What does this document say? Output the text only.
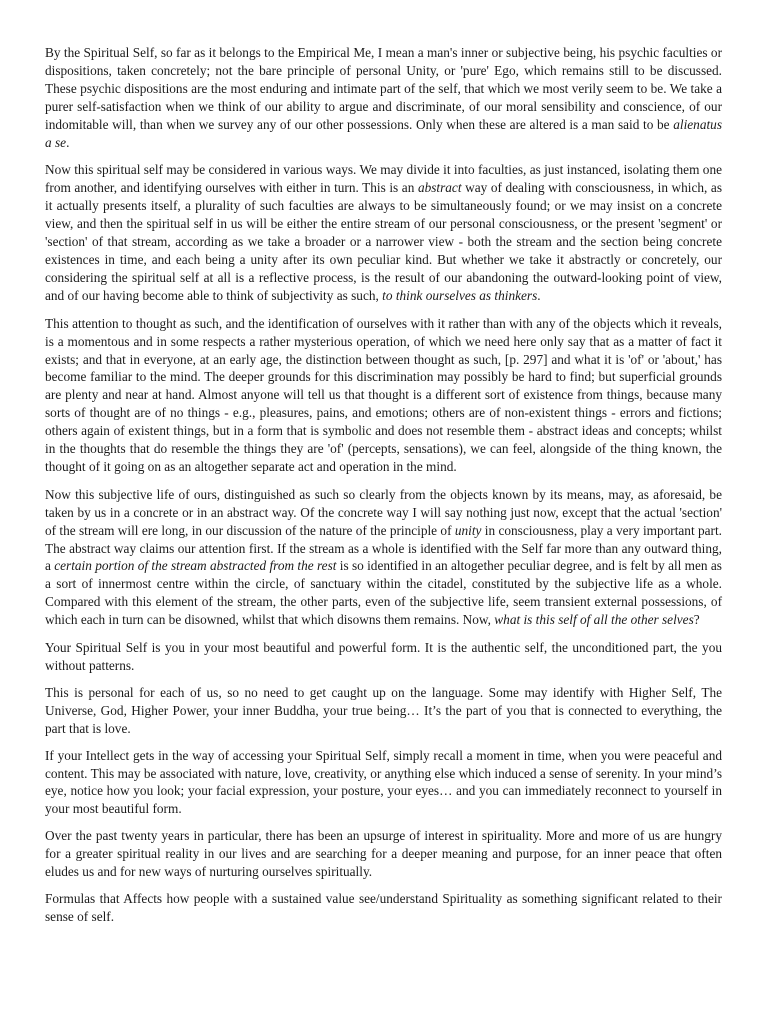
By the Spiritual Self, so far as it belongs to the Empirical Me, I mean a man's inner or subjective being, his psychic faculties or dispositions, taken concretely; not the bare principle of personal Unity, or 'pure' Ego, which remains still to be discussed. These psychic dispositions are the most enduring and intimate part of the self, that which we most verily seem to be. We take a purer self-satisfaction when we think of our ability to argue and discriminate, of our moral sensibility and conscience, of our indomitable will, than when we survey any of our other possessions. Only when these are altered is a man said to be alienatus a se.

Now this spiritual self may be considered in various ways. We may divide it into faculties, as just instanced, isolating them one from another, and identifying ourselves with either in turn. This is an abstract way of dealing with consciousness, in which, as it actually presents itself, a plurality of such faculties are always to be simultaneously found; or we may insist on a concrete view, and then the spiritual self in us will be either the entire stream of our personal consciousness, or the present 'segment' or 'section' of that stream, according as we take a broader or a narrower view - both the stream and the section being concrete existences in time, and each being a unity after its own peculiar kind. But whether we take it abstractly or concretely, our considering the spiritual self at all is a reflective process, is the result of our abandoning the outward-looking point of view, and of our having become able to think of subjectivity as such, to think ourselves as thinkers.

This attention to thought as such, and the identification of ourselves with it rather than with any of the objects which it reveals, is a momentous and in some respects a rather mysterious operation, of which we need here only say that as a matter of fact it exists; and that in everyone, at an early age, the distinction between thought as such, [p. 297] and what it is 'of' or 'about,' has become familiar to the mind. The deeper grounds for this discrimination may possibly be hard to find; but superficial grounds are plenty and near at hand. Almost anyone will tell us that thought is a different sort of existence from things, because many sorts of thought are of no things - e.g., pleasures, pains, and emotions; others are of non-existent things - errors and fictions; others again of existent things, but in a form that is symbolic and does not resemble them - abstract ideas and concepts; whilst in the thoughts that do resemble the things they are 'of' (percepts, sensations), we can feel, alongside of the thing known, the thought of it going on as an altogether separate act and operation in the mind.

Now this subjective life of ours, distinguished as such so clearly from the objects known by its means, may, as aforesaid, be taken by us in a concrete or in an abstract way. Of the concrete way I will say nothing just now, except that the actual 'section' of the stream will ere long, in our discussion of the nature of the principle of unity in consciousness, play a very important part. The abstract way claims our attention first. If the stream as a whole is identified with the Self far more than any outward thing, a certain portion of the stream abstracted from the rest is so identified in an altogether peculiar degree, and is felt by all men as a sort of innermost centre within the circle, of sanctuary within the citadel, constituted by the subjective life as a whole. Compared with this element of the stream, the other parts, even of the subjective life, seem transient external possessions, of which each in turn can be disowned, whilst that which disowns them remains. Now, what is this self of all the other selves?

Your Spiritual Self is you in your most beautiful and powerful form. It is the authentic self, the unconditioned part, the you without patterns.

This is personal for each of us, so no need to get caught up on the language. Some may identify with Higher Self, The Universe, God, Higher Power, your inner Buddha, your true being… It’s the part of you that is connected to everything, the part that is love.

If your Intellect gets in the way of accessing your Spiritual Self, simply recall a moment in time, when you were peaceful and content. This may be associated with nature, love, creativity, or anything else which induced a sense of serenity. In your mind’s eye, notice how you look; your facial expression, your posture, your eyes… and you can immediately reconnect to yourself in your most beautiful form.

Over the past twenty years in particular, there has been an upsurge of interest in spirituality. More and more of us are hungry for a greater spiritual reality in our lives and are searching for a deeper meaning and purpose, for an inner peace that often eludes us and for new ways of nurturing ourselves spiritually.

Formulas that Affects how people with a sustained value see/understand Spirituality as something significant related to their sense of self.
